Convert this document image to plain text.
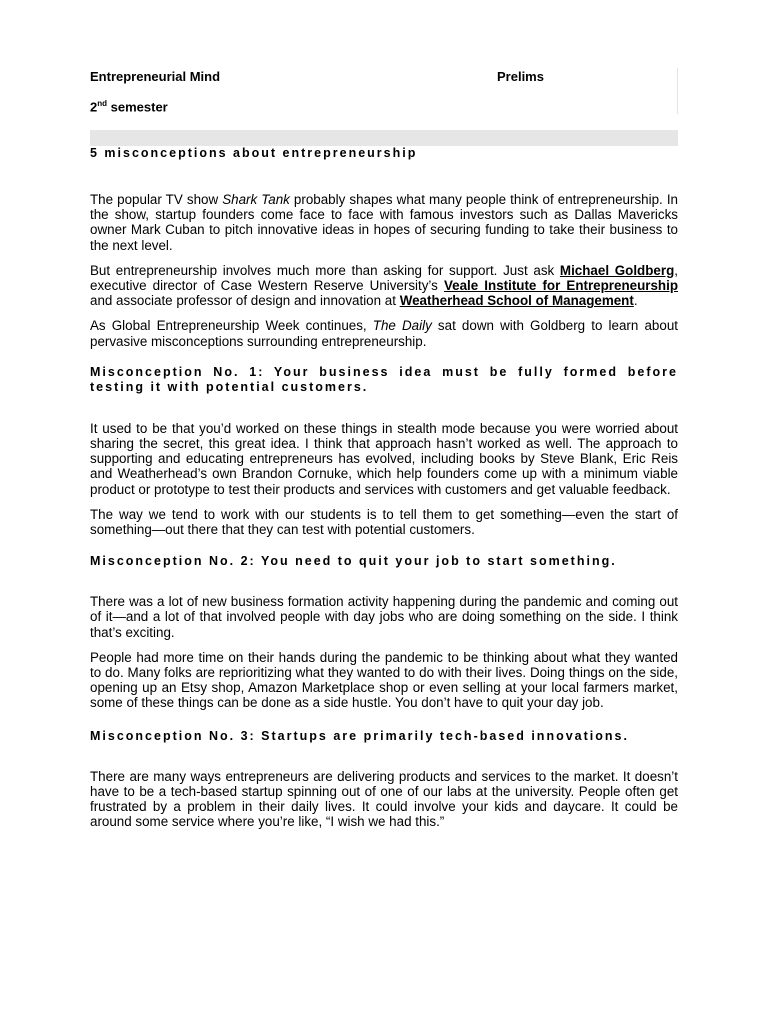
Entrepreneurial Mind	Prelims
2nd semester
5 misconceptions about entrepreneurship

The popular TV show Shark Tank probably shapes what many people think of entrepreneurship. In the show, startup founders come face to face with famous investors such as Dallas Mavericks owner Mark Cuban to pitch innovative ideas in hopes of securing funding to take their business to the next level.

But entrepreneurship involves much more than asking for support. Just ask Michael Goldberg, executive director of Case Western Reserve University’s Veale Institute for Entrepreneurship and associate professor of design and innovation at Weatherhead School of Management.

As Global Entrepreneurship Week continues, The Daily sat down with Goldberg to learn about pervasive misconceptions surrounding entrepreneurship.

Misconception No. 1: Your business idea must be fully formed before testing it with potential customers.

It used to be that you’d worked on these things in stealth mode because you were worried about sharing the secret, this great idea. I think that approach hasn’t worked as well. The approach to supporting and educating entrepreneurs has evolved, including books by Steve Blank, Eric Reis and Weatherhead’s own Brandon Cornuke, which help founders come up with a minimum viable product or prototype to test their products and services with customers and get valuable feedback.

The way we tend to work with our students is to tell them to get something—even the start of something—out there that they can test with potential customers.

Misconception No. 2: You need to quit your job to start something.

There was a lot of new business formation activity happening during the pandemic and coming out of it—and a lot of that involved people with day jobs who are doing something on the side. I think that’s exciting.

People had more time on their hands during the pandemic to be thinking about what they wanted to do. Many folks are reprioritizing what they wanted to do with their lives. Doing things on the side, opening up an Etsy shop, Amazon Marketplace shop or even selling at your local farmers market, some of these things can be done as a side hustle. You don’t have to quit your day job.

Misconception No. 3: Startups are primarily tech-based innovations.

There are many ways entrepreneurs are delivering products and services to the market. It doesn’t have to be a tech-based startup spinning out of one of our labs at the university. People often get frustrated by a problem in their daily lives. It could involve your kids and daycare. It could be around some service where you’re like, “I wish we had this.”
